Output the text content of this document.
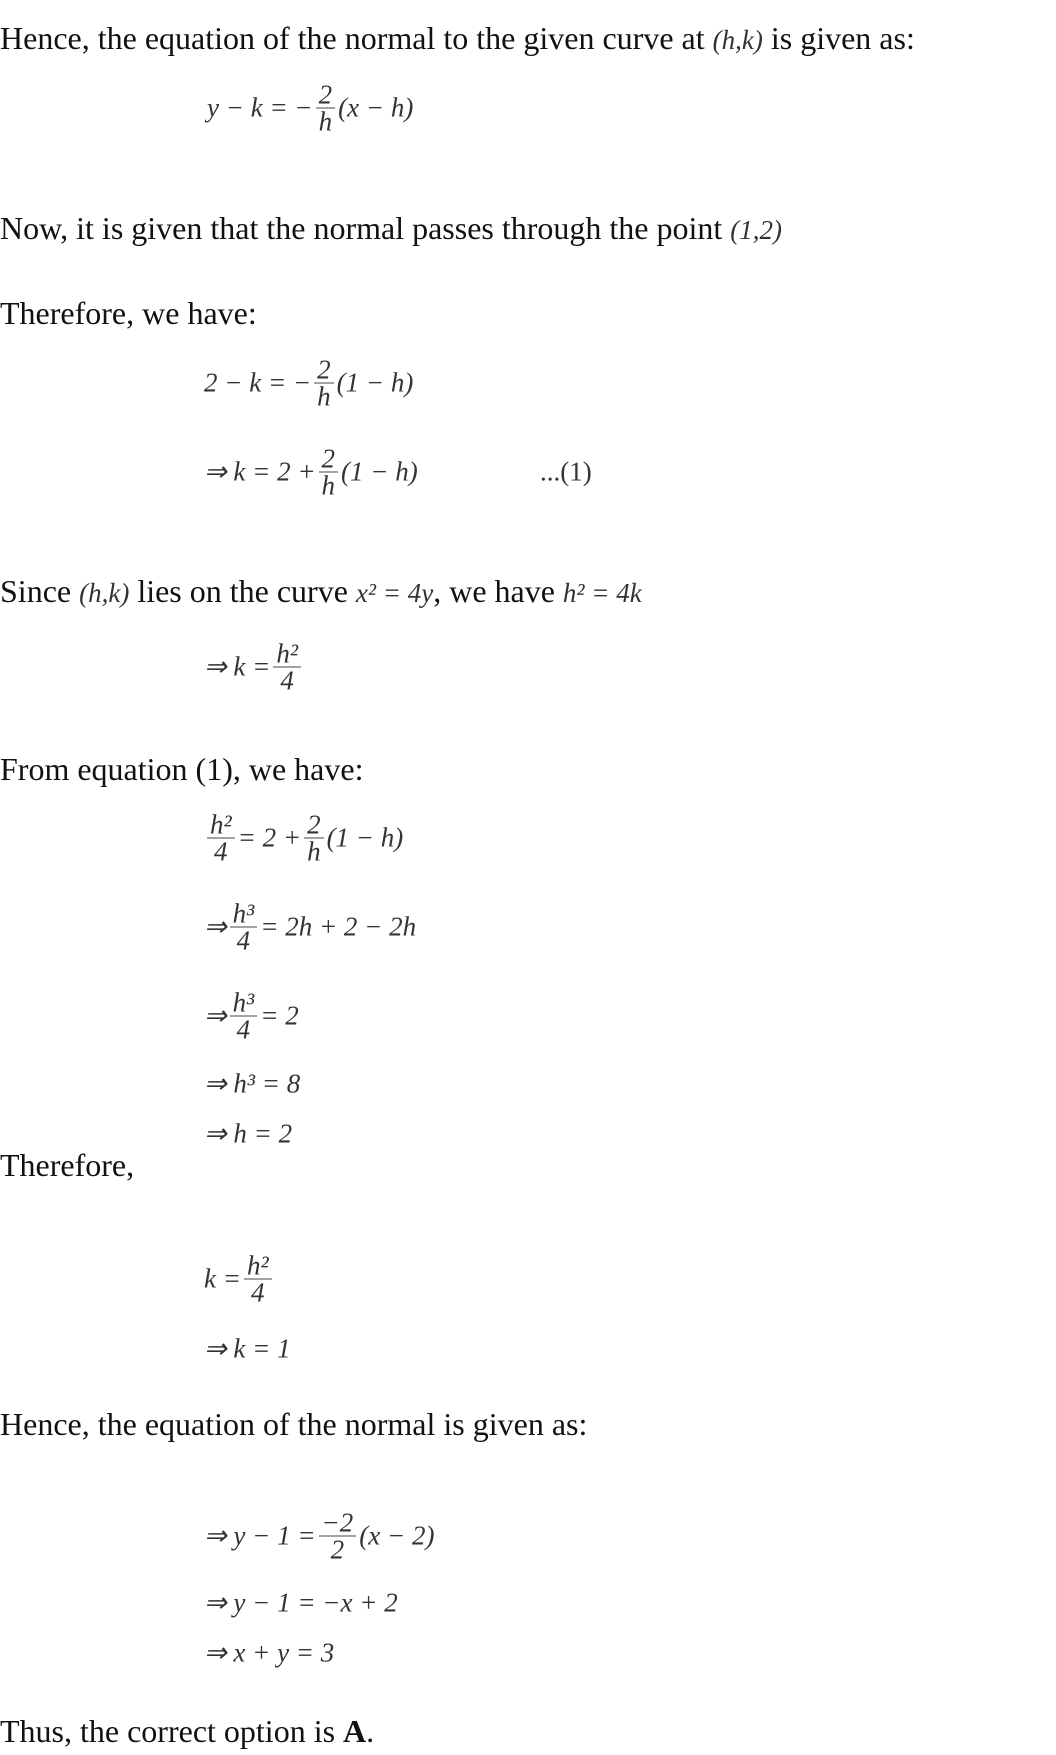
Hence, the equation of the normal to the given curve at (h,k) is given as:
y − k = − $\frac{2}{h} (x - h)$
Now, it is given that the normal passes through the point (1,2)
Therefore, we have:
2 − k = − $\frac{2}{h} (1 - h)$
⇒ $k = 2 + \frac{2}{h} (1 - h)$	...(1)
Since (h,k) lies on the curve x² = 4y, we have h² = 4k
⇒ $k = \frac{\text{h²}}{4}$
From equation (1), we have:
$\frac{\text{h²}}{4} = 2 + \frac{2}{h} (1 - h)$
⇒ $\frac{\text{h³}}{4} = 2h + 2 - 2h$
⇒ $\frac{\text{h³}}{4} = 2$
⇒ h³ = 8
⇒ h = 2
Therefore,
$k = \frac{\text{h²}}{4}$
⇒ k = 1
Hence, the equation of the normal is given as:
⇒ $y - 1 = \frac{-2}{2} (x - 2)$
⇒ y − 1 = −x + 2
⇒ x + y = 3
Thus, the correct option is A.
